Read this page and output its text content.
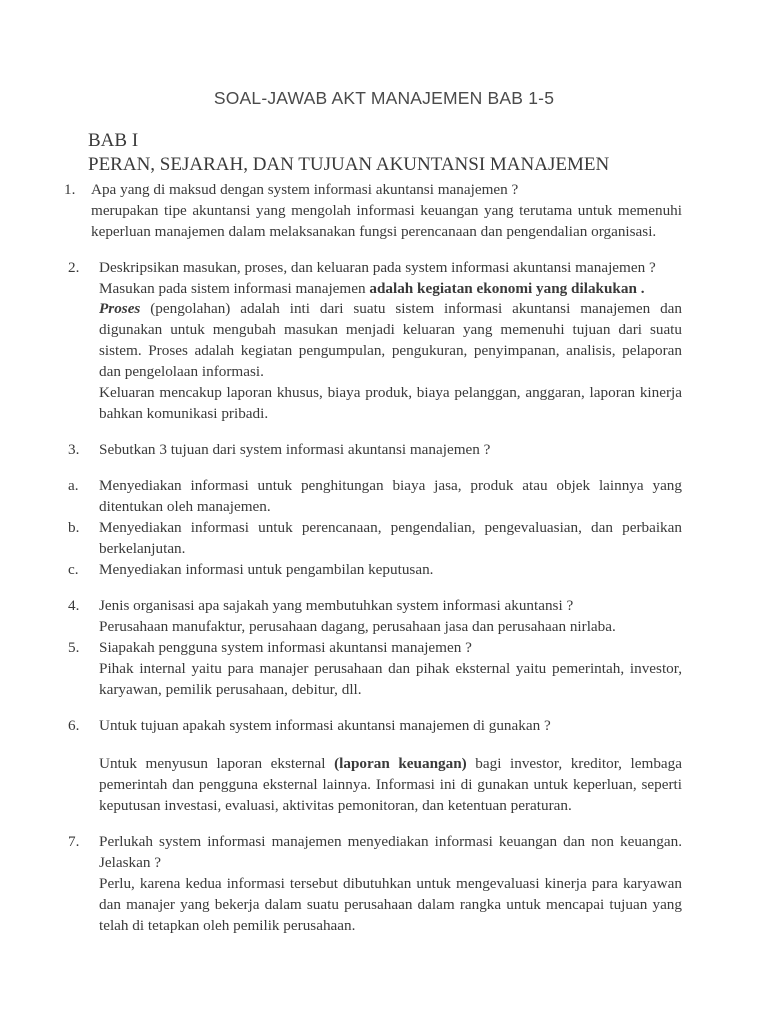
SOAL-JAWAB AKT MANAJEMEN BAB 1-5
BAB I
PERAN, SEJARAH, DAN TUJUAN AKUNTANSI MANAJEMEN
1.	Apa yang di maksud dengan system informasi akuntansi manajemen ?

merupakan tipe akuntansi yang mengolah informasi keuangan yang terutama untuk memenuhi keperluan manajemen dalam melaksanakan fungsi perencanaan dan pengendalian organisasi.

2.	Deskripsikan masukan, proses, dan keluaran pada system informasi akuntansi manajemen ?

Masukan pada sistem informasi manajemen adalah kegiatan ekonomi yang dilakukan .

Proses (pengolahan) adalah inti dari suatu sistem informasi akuntansi manajemen dan digunakan untuk mengubah masukan menjadi keluaran yang memenuhi tujuan dari suatu sistem. Proses adalah kegiatan pengumpulan, pengukuran, penyimpanan, analisis, pelaporan dan pengelolaan informasi.

Keluaran mencakup laporan khusus, biaya produk, biaya pelanggan, anggaran, laporan kinerja bahkan komunikasi pribadi.

3.	Sebutkan 3 tujuan dari system informasi akuntansi manajemen ?

a.	Menyediakan informasi untuk penghitungan biaya jasa, produk atau objek lainnya yang ditentukan oleh manajemen.

b.	Menyediakan informasi untuk perencanaan, pengendalian, pengevaluasian, dan perbaikan berkelanjutan.

c.	Menyediakan informasi untuk pengambilan keputusan.

4.	Jenis organisasi apa sajakah yang membutuhkan system informasi akuntansi ?

Perusahaan manufaktur, perusahaan dagang, perusahaan jasa dan perusahaan nirlaba.

5.	Siapakah pengguna system informasi akuntansi manajemen ?

Pihak internal yaitu para manajer perusahaan dan pihak eksternal yaitu pemerintah, investor, karyawan, pemilik perusahaan, debitur, dll.

6.	Untuk tujuan apakah system informasi akuntansi manajemen di gunakan ?

Untuk menyusun laporan eksternal (laporan keuangan) bagi investor, kreditor, lembaga pemerintah dan pengguna eksternal lainnya. Informasi ini di gunakan untuk keperluan, seperti keputusan investasi, evaluasi, aktivitas pemonitoran, dan ketentuan peraturan.

7.	Perlukah system informasi manajemen menyediakan informasi keuangan dan non keuangan. Jelaskan ?

Perlu, karena kedua informasi tersebut dibutuhkan untuk mengevaluasi kinerja para karyawan dan manajer yang bekerja dalam suatu perusahaan dalam rangka untuk mencapai tujuan yang telah di tetapkan oleh pemilik perusahaan.
